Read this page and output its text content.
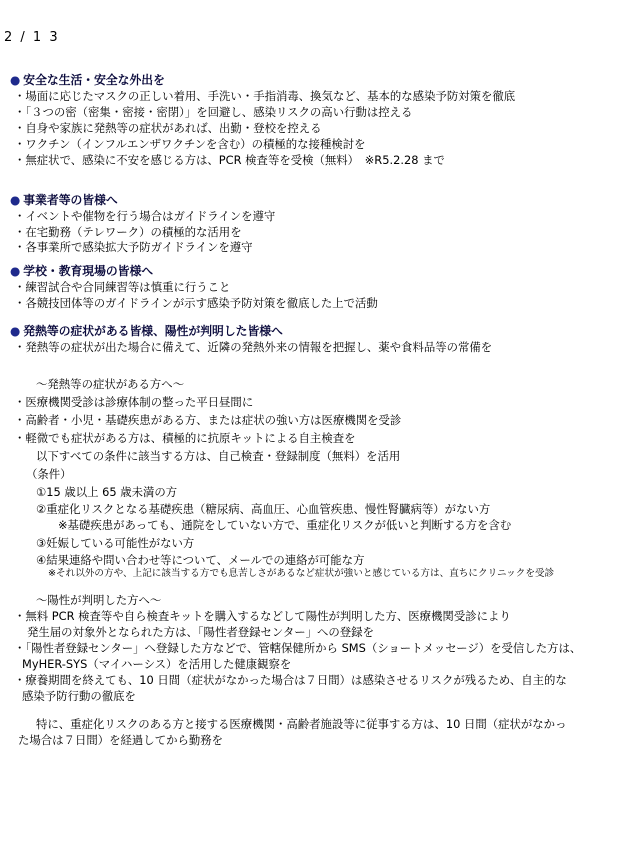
2 / 1 3
● 安全な生活・安全な外出を
・場面に応じたマスクの正しい着用、手洗い・手指消毒、換気など、基本的な感染予防対策を徹底
・「３つの密（密集・密接・密閉）」を回避し、感染リスクの高い行動は控える
・自身や家族に発熱等の症状があれば、出勤・登校を控える
・ワクチン（インフルエンザワクチンを含む）の積極的な接種検討を
・無症状で、感染に不安を感じる方は、PCR 検査等を受検（無料）　※R5.2.28 まで
● 事業者等の皆様へ
・イベントや催物を行う場合はガイドラインを遵守
・在宅勤務（テレワーク）の積極的な活用を
・各事業所で感染拡大予防ガイドラインを遵守
● 学校・教育現場の皆様へ
・練習試合や合同練習等は慎重に行うこと
・各競技団体等のガイドラインが示す感染予防対策を徹底した上で活動
● 発熱等の症状がある皆様、陽性が判明した皆様へ
・発熱等の症状が出た場合に備えて、近隣の発熱外来の情報を把握し、薬や食料品等の常備を
～発熱等の症状がある方へ～
・医療機関受診は診療体制の整った平日昼間に
・高齢者・小児・基礎疾患がある方、または症状の強い方は医療機関を受診
・軽微でも症状がある方は、積極的に抗原キットによる自主検査を
以下すべての条件に該当する方は、自己検査・登録制度（無料）を活用
（条件）
①15 歳以上 65 歳未満の方
②重症化リスクとなる基礎疾患（糖尿病、高血圧、心血管疾患、慢性腎臓病等）がない方
※基礎疾患があっても、通院をしていない方で、重症化リスクが低いと判断する方を含む
③妊娠している可能性がない方
④結果連絡や問い合わせ等について、メールでの連絡が可能な方
※それ以外の方や、上記に該当する方でも息苦しさがあるなど症状が強いと感じている方は、直ちにクリニックを受診
～陽性が判明した方へ～
・無料 PCR 検査等や自ら検査キットを購入するなどして陽性が判明した方、医療機関受診により
発生届の対象外となられた方は、「陽性者登録センター」への登録を
・「陽性者登録センター」へ登録した方などで、管轄保健所から SMS（ショートメッセージ）を受信した方は、
MyHER-SYS（マイハーシス）を活用した健康観察を
・療養期間を終えても、10 日間（症状がなかった場合は７日間）は感染させるリスクが残るため、自主的な
感染予防行動の徹底を
特に、重症化リスクのある方と接する医療機関・高齢者施設等に従事する方は、10 日間（症状がなかっ
た場合は７日間）を経過してから勤務を
